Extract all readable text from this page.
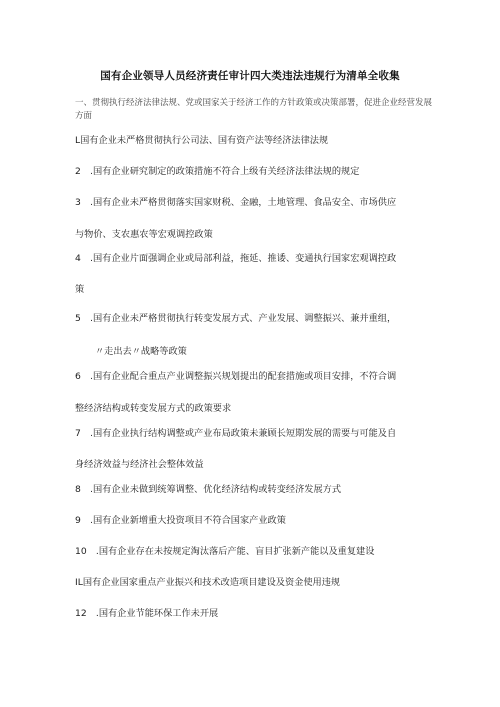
国有企业领导人员经济责任审计四大类违法违规行为清单全收集
一、贯彻执行经济法律法规、党或国家关于经济工作的方针政策或决策部署，促进企业经营发展方面
L国有企业未严格贯彻执行公司法、国有资产法等经济法律法规
2　.国有企业研究制定的政策措施不符合上级有关经济法律法规的规定
3　.国有企业未严格贯彻落实国家财税、金融，土地管理、食品安全、市场供应
与物价、支农惠农等宏观调控政策
4　.国有企业片面强调企业或局部利益，拖延、推诿、变通执行国家宏观调控政
策
5　.国有企业未严格贯彻执行转变发展方式、产业发展、调整振兴、兼并重组，
〃走出去〃战略等政策
6　.国有企业配合重点产业调整振兴规划提出的配套措施或项目安排，不符合调
整经济结构或转变发展方式的政策要求
7　.国有企业执行结构调整或产业布局政策未兼顾长短期发展的需要与可能及自
身经济效益与经济社会整体效益
8　.国有企业未做到统筹调整、优化经济结构或转变经济发展方式
9　.国有企业新增重大投资项目不符合国家产业政策
10　.国有企业存在未按规定淘汰落后产能、盲目扩张新产能以及重复建设
IL国有企业国家重点产业振兴和技术改造项目建设及资金使用违规
12　.国有企业节能环保工作未开展
